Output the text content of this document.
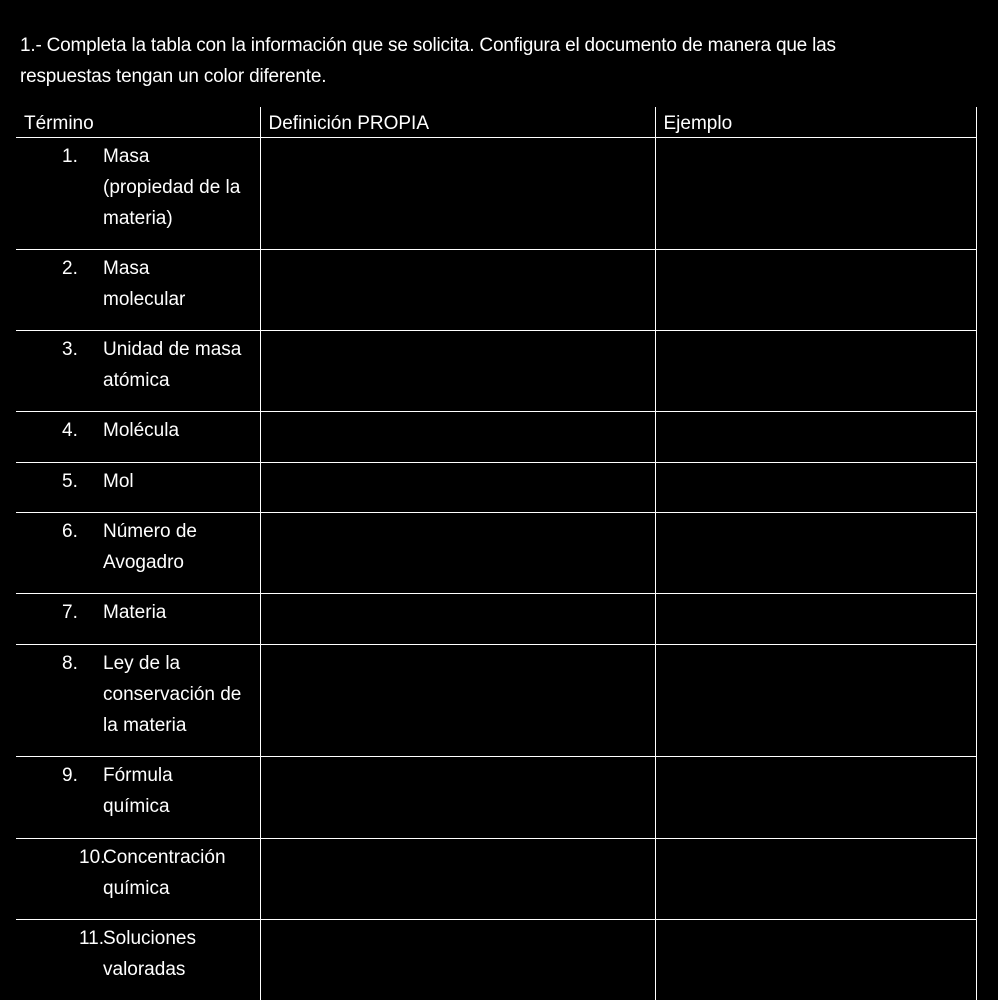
1.- Completa la tabla con la información que se solicita. Configura el documento de manera que las
respuestas tengan un color diferente.
Término	Definición PROPIA	Ejemplo

1. Masa (propiedad de la materia)		

2. Masa molecular		

3. Unidad de masa atómica		

4. Molécula		

5. Mol		

6. Número de Avogadro		

7. Materia		

8. Ley de la conservación de la materia		

9. Fórmula química		

10.
Concentración química		

11.
Soluciones valoradas		
